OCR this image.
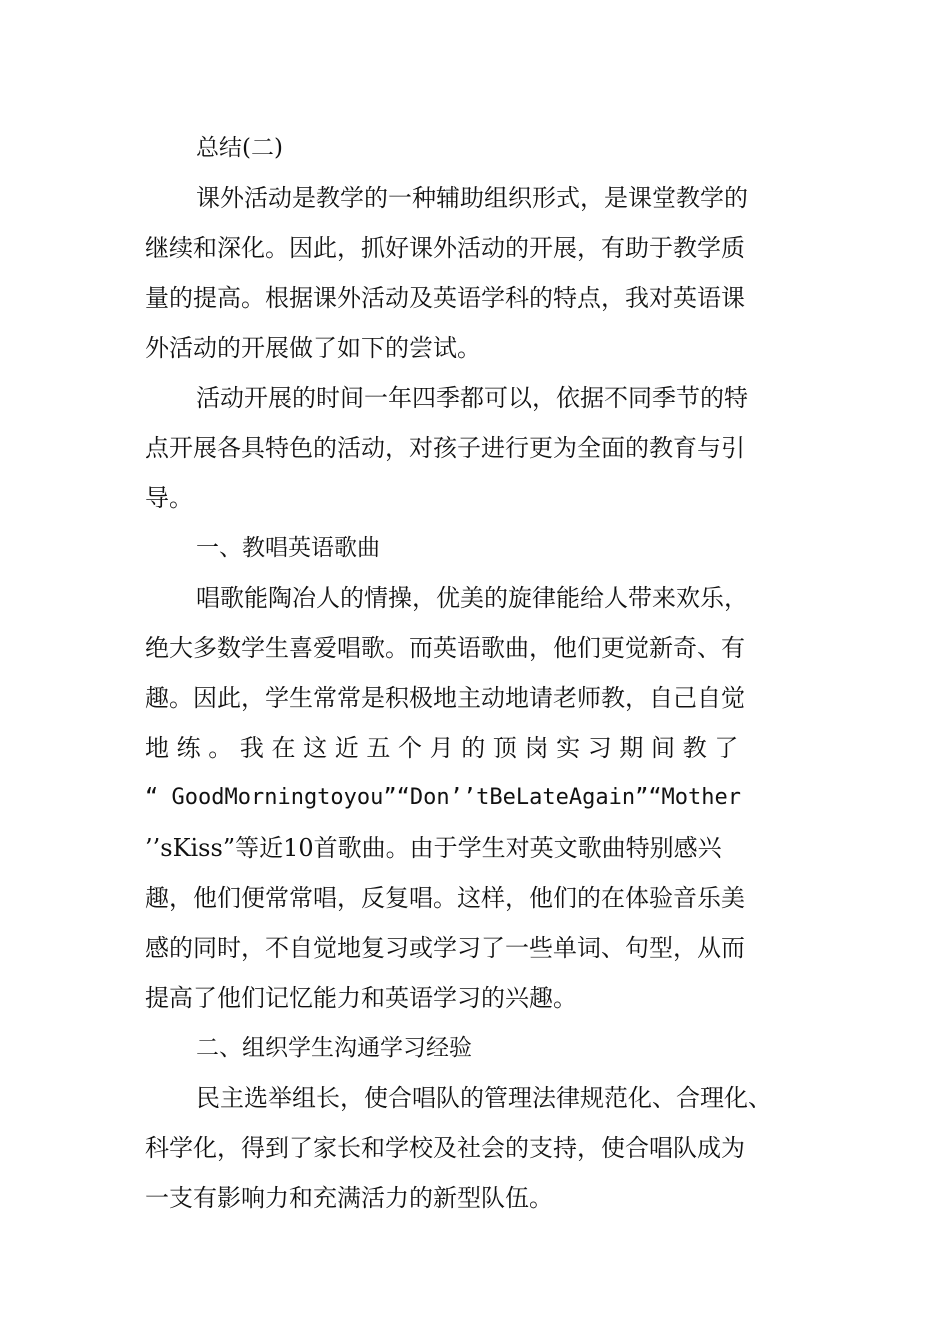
总结(二)
课外活动是教学的一种辅助组织形式，是课堂教学的
继续和深化。因此，抓好课外活动的开展，有助于教学质
量的提高。根据课外活动及英语学科的特点，我对英语课
外活动的开展做了如下的尝试。
活动开展的时间一年四季都可以，依据不同季节的特
点开展各具特色的活动，对孩子进行更为全面的教育与引
导。
一、教唱英语歌曲
唱歌能陶冶人的情操，优美的旋律能给人带来欢乐，
绝大多数学生喜爱唱歌。而英语歌曲，他们更觉新奇、有
趣。因此，学生常常是积极地主动地请老师教，自己自觉
地 练 。 我 在 这 近 五 个 月 的 顶 岗 实 习 期 间 教 了
“ GoodMorningtoyou”“Don’’tBeLateAgain”“Mother
’’sKiss”等近10首歌曲。由于学生对英文歌曲特别感兴
趣，他们便常常唱，反复唱。这样，他们的在体验音乐美
感的同时，不自觉地复习或学习了一些单词、句型，从而
提高了他们记忆能力和英语学习的兴趣。
二、组织学生沟通学习经验
民主选举组长，使合唱队的管理法律规范化、合理化、
科学化，得到了家长和学校及社会的支持，使合唱队成为
一支有影响力和充满活力的新型队伍。
